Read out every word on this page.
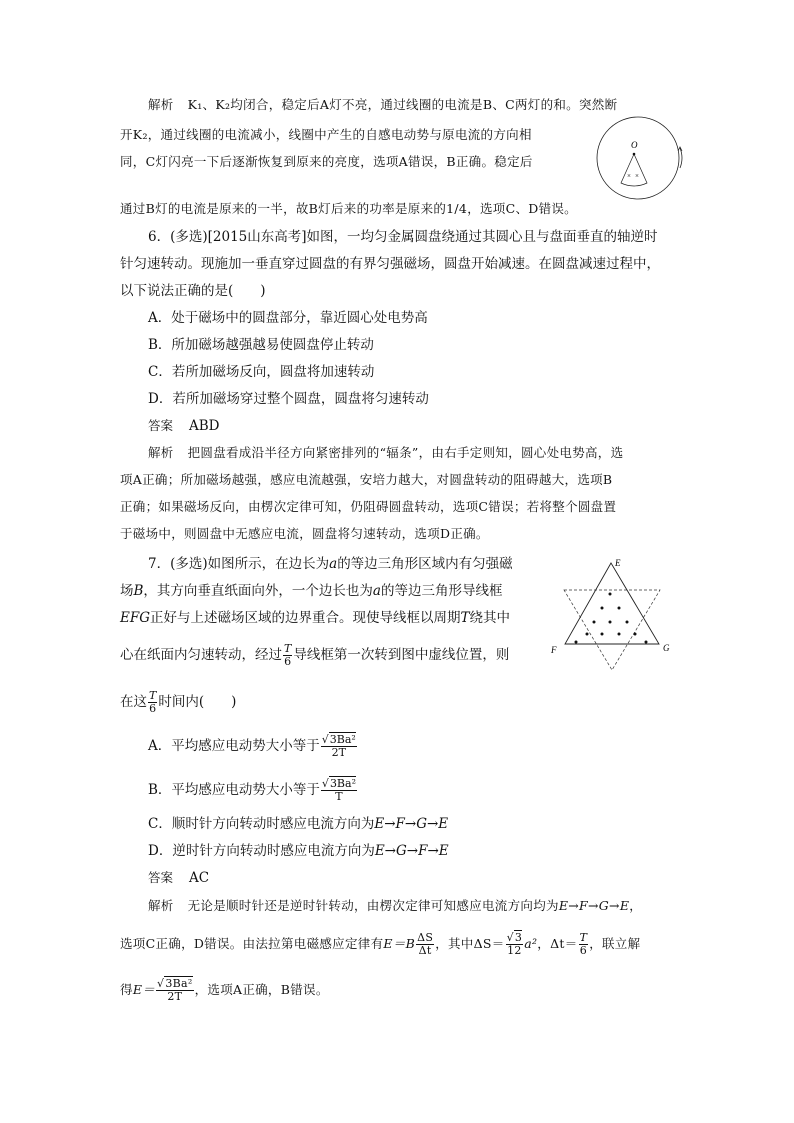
解析 K₁、K₂均闭合，稳定后A灯不亮，通过线圈的电流是B、C两灯的和。突然断
开K₂，通过线圈的电流减小，线圈中产生的自感电动势与原电流的方向相
同，C灯闪亮一下后逐渐恢复到原来的亮度，选项A错误，B正确。稳定后
通过B灯的电流是原来的一半，故B灯后来的功率是原来的1/4，选项C、D错误。
O
× ×
6．(多选)[2015山东高考]如图，一均匀金属圆盘绕通过其圆心且与盘面垂直的轴逆时
针匀速转动。现施加一垂直穿过圆盘的有界匀强磁场，圆盘开始减速。在圆盘减速过程中，
以下说法正确的是(　　)
A．处于磁场中的圆盘部分，靠近圆心处电势高
B．所加磁场越强越易使圆盘停止转动
C．若所加磁场反向，圆盘将加速转动
D．若所加磁场穿过整个圆盘，圆盘将匀速转动
答案 ABD
解析 把圆盘看成沿半径方向紧密排列的“辐条”，由右手定则知，圆心处电势高，选
项A正确；所加磁场越强，感应电流越强，安培力越大，对圆盘转动的阻碍越大，选项B
正确；如果磁场反向，由楞次定律可知，仍阻碍圆盘转动，选项C错误；若将整个圆盘置
于磁场中，则圆盘中无感应电流，圆盘将匀速转动，选项D正确。
7．(多选)如图所示，在边长为a的等边三角形区域内有匀强磁
场B，其方向垂直纸面向外，一个边长也为a的等边三角形导线框
EFG正好与上述磁场区域的边界重合。现使导线框以周期T绕其中
心在纸面内匀速转动，经过 $\frac{T}{6}$ 导线框第一次转到图中虚线位置，则
在这 $\frac{T}{6}$ 时间内(　　)
E
F	G
A．平均感应电动势大小等于 $\frac{\text{√3Ba²}}{2T}$
B．平均感应电动势大小等于 $\frac{\text{√3Ba²}}{T}$
C．顺时针方向转动时感应电流方向为E→F→G→E
D．逆时针方向转动时感应电流方向为E→G→F→E
答案 AC
解析 无论是顺时针还是逆时针转动，由楞次定律可知感应电流方向均为E→F→G→E，
选项C正确，D错误。由法拉第电磁感应定律有$E=B \frac{\Delta S}{\Delta t}$ ，其中$\Delta S= \frac{√3}{12} a^2$，$\Delta t= \frac{T}{6}$ ，联立解
得$E= \frac{\text{√3Ba²}}{2T}$ ，选项A正确，B错误。
